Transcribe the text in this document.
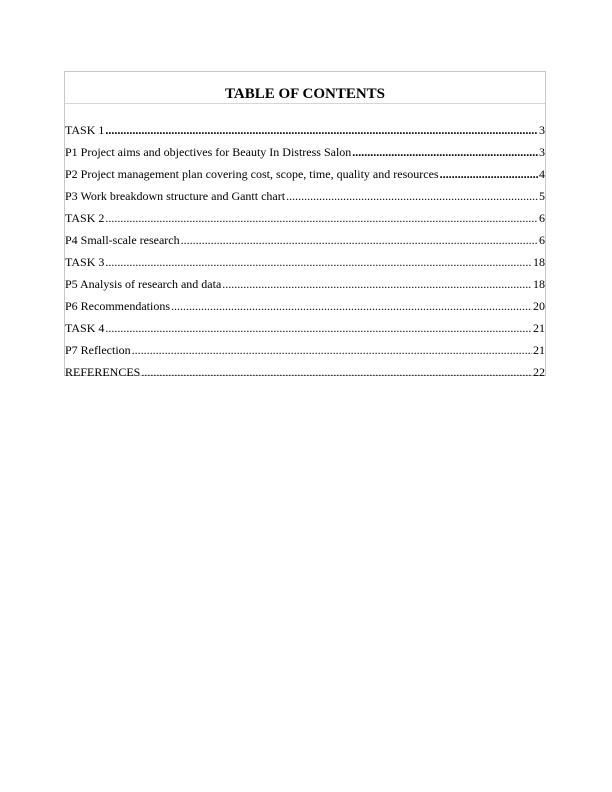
TABLE OF CONTENTS
TASK 1 .....	3
P1 Project aims and objectives for Beauty In Distress Salon .....	3
P2 Project management plan covering cost, scope, time, quality and resources .....	4
P3 Work breakdown structure and Gantt chart .....	5
TASK 2 .....	6
P4 Small-scale research .....	6
TASK 3 .....	18
P5 Analysis of research and data .....	18
P6 Recommendations .....	20
TASK 4 .....	21
P7 Reflection .....	21
REFERENCES .....	22
